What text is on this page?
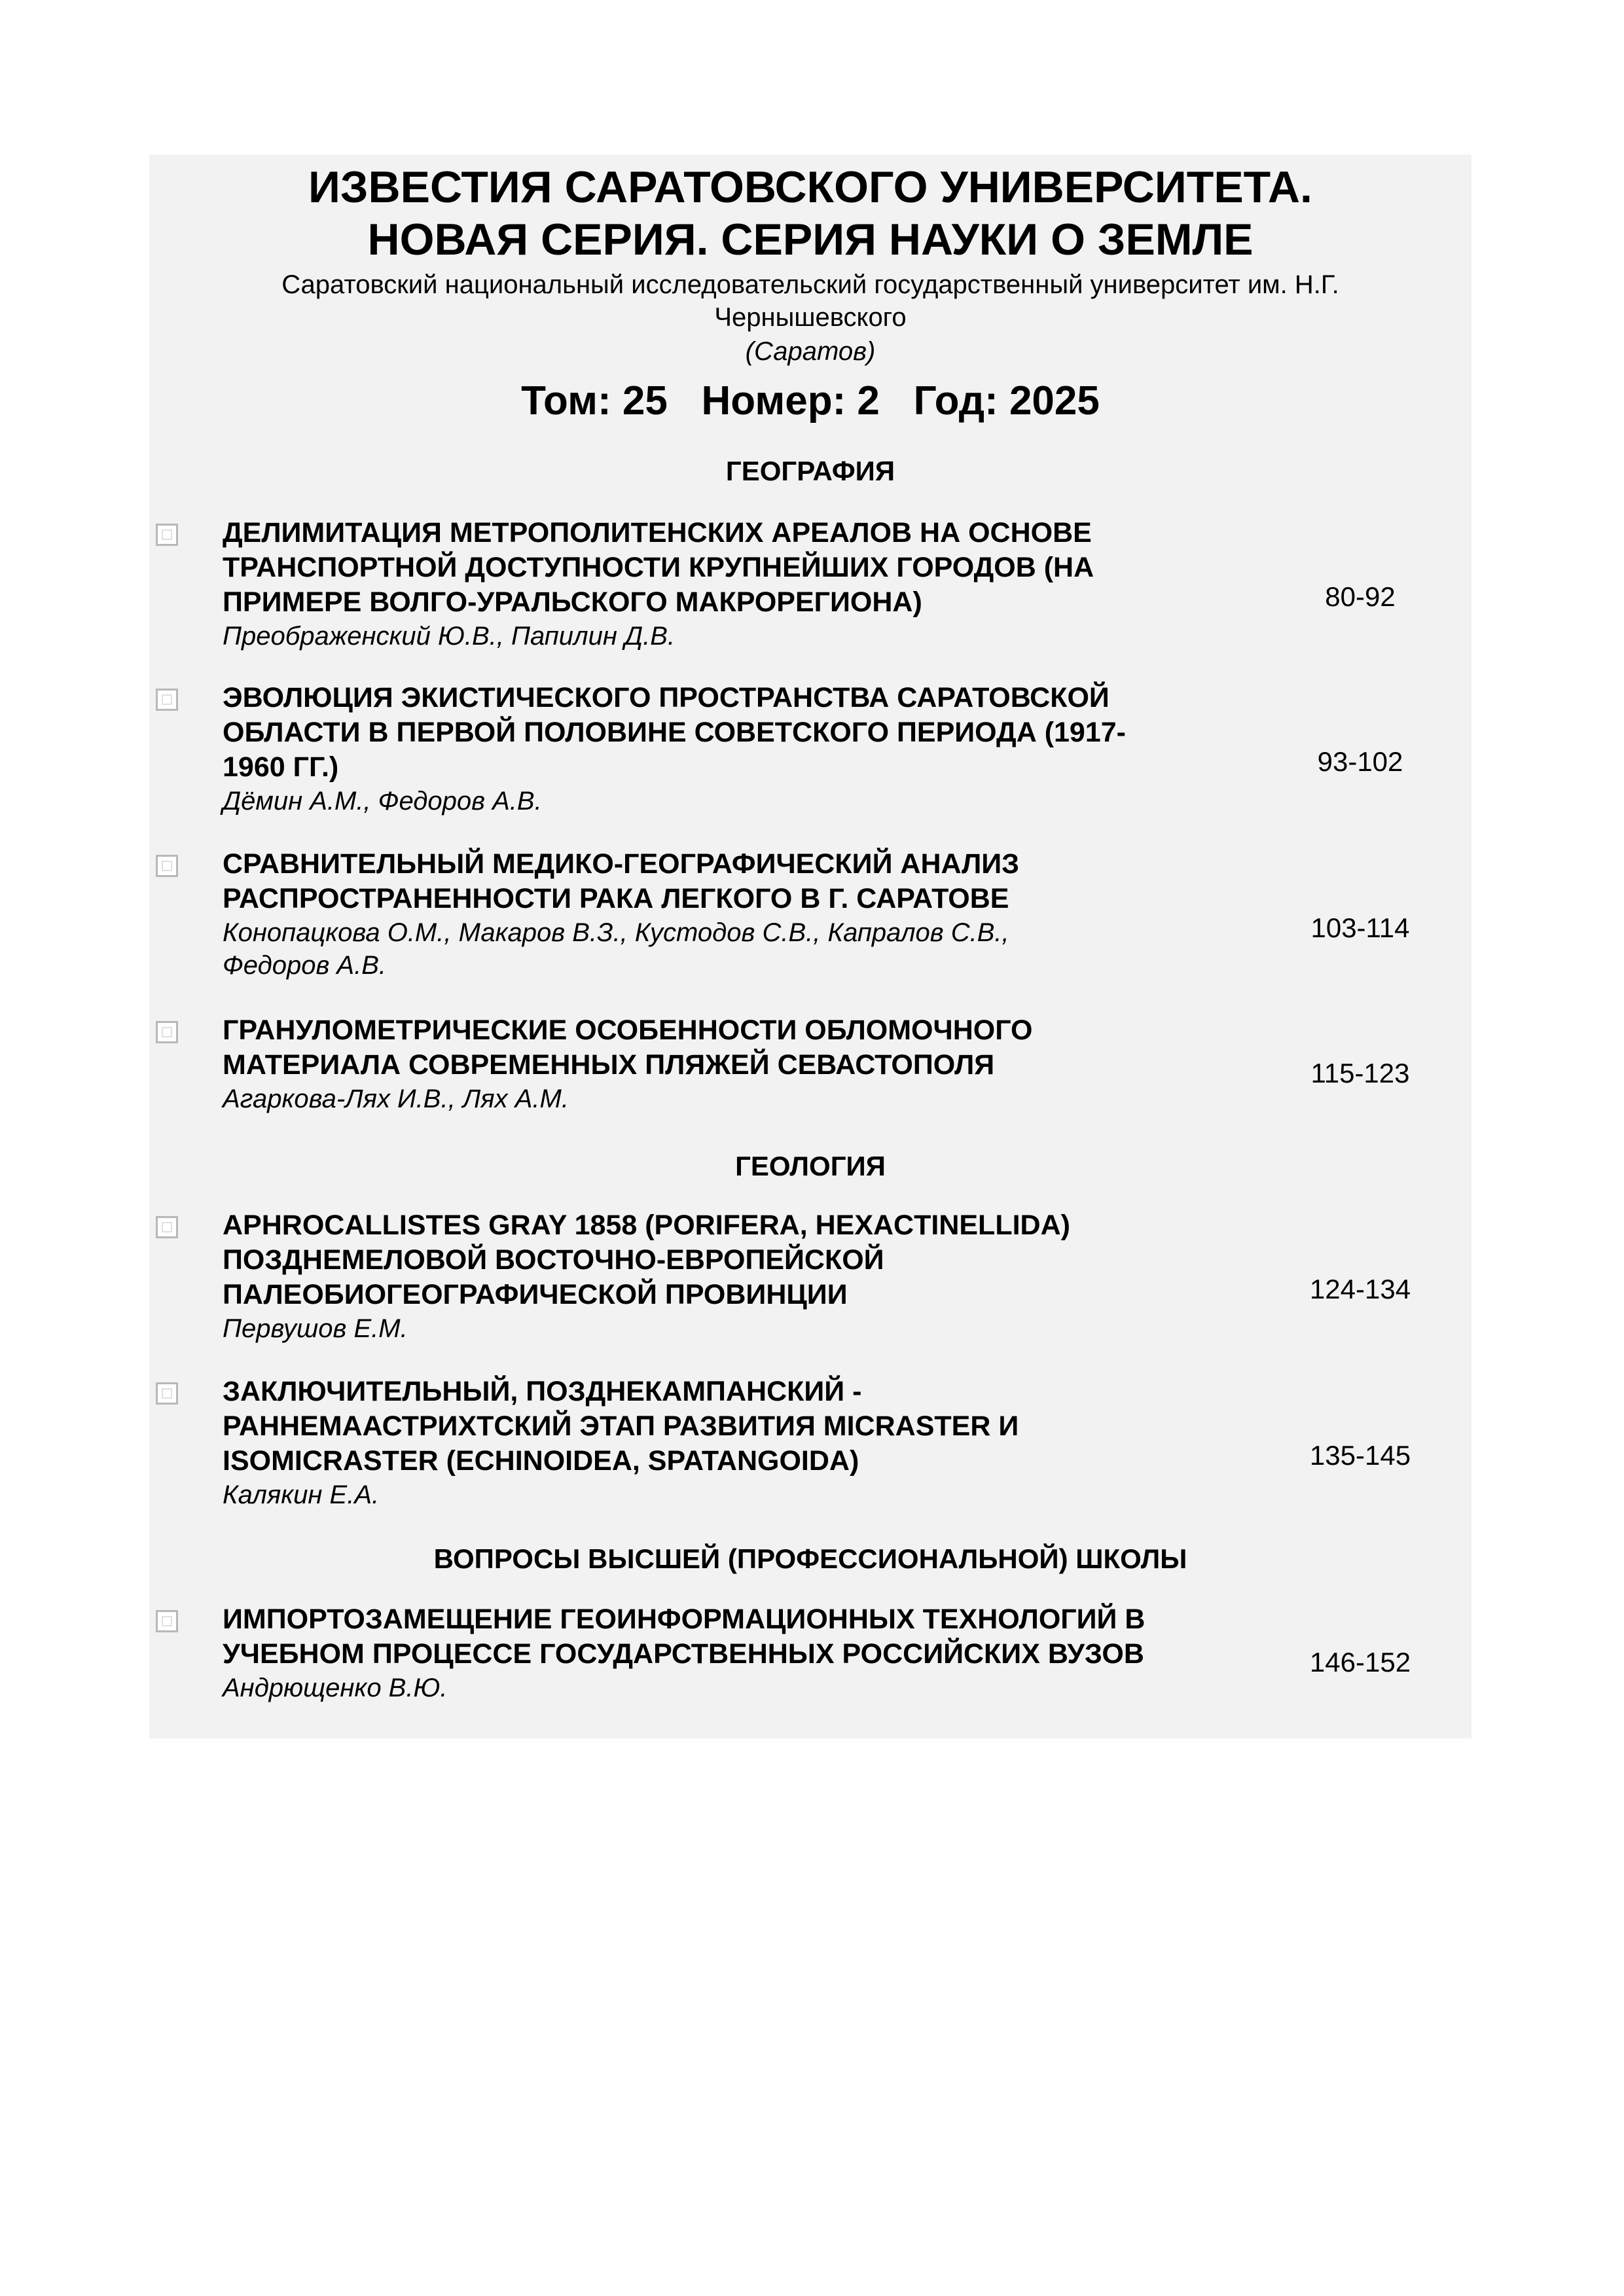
ИЗВЕСТИЯ САРАТОВСКОГО УНИВЕРСИТЕТА.
НОВАЯ СЕРИЯ. СЕРИЯ НАУКИ О ЗЕМЛЕ
Саратовский национальный исследовательский государственный университет им. Н.Г.
Чернышевского
(Саратов)
Том: 25 Номер: 2 Год: 2025
ГЕОГРАФИЯ
ДЕЛИМИТАЦИЯ МЕТРОПОЛИТЕНСКИХ АРЕАЛОВ НА ОСНОВЕ
ТРАНСПОРТНОЙ ДОСТУПНОСТИ КРУПНЕЙШИХ ГОРОДОВ (НА
ПРИМЕРЕ ВОЛГО-УРАЛЬСКОГО МАКРОРЕГИОНА)
Преображенский Ю.В., Папилин Д.В.
80-92
ЭВОЛЮЦИЯ ЭКИСТИЧЕСКОГО ПРОСТРАНСТВА САРАТОВСКОЙ
ОБЛАСТИ В ПЕРВОЙ ПОЛОВИНЕ СОВЕТСКОГО ПЕРИОДА (1917-
1960 ГГ.)
Дёмин А.М., Федоров А.В.
93-102
СРАВНИТЕЛЬНЫЙ МЕДИКО-ГЕОГРАФИЧЕСКИЙ АНАЛИЗ
РАСПРОСТРАНЕННОСТИ РАКА ЛЕГКОГО В Г. САРАТОВЕ
Конопацкова О.М., Макаров В.З., Кустодов С.В., Капралов С.В.,
Федоров А.В.
103-114
ГРАНУЛОМЕТРИЧЕСКИЕ ОСОБЕННОСТИ ОБЛОМОЧНОГО
МАТЕРИАЛА СОВРЕМЕННЫХ ПЛЯЖЕЙ СЕВАСТОПОЛЯ
Агаркова-Лях И.В., Лях А.М.
115-123
ГЕОЛОГИЯ
APHROCALLISTES GRAY 1858 (PORIFERA, HEXACTINELLIDA)
ПОЗДНЕМЕЛОВОЙ ВОСТОЧНО-ЕВРОПЕЙСКОЙ
ПАЛЕОБИОГЕОГРАФИЧЕСКОЙ ПРОВИНЦИИ
Первушов Е.М.
124-134
ЗАКЛЮЧИТЕЛЬНЫЙ, ПОЗДНЕКАМПАНСКИЙ -
РАННЕМААСТРИХТСКИЙ ЭТАП РАЗВИТИЯ MICRASTER И
ISOMICRASTER (ECHINOIDEA, SPATANGOIDA)
Калякин Е.А.
135-145
ВОПРОСЫ ВЫСШЕЙ (ПРОФЕССИОНАЛЬНОЙ) ШКОЛЫ
ИМПОРТОЗАМЕЩЕНИЕ ГЕОИНФОРМАЦИОННЫХ ТЕХНОЛОГИЙ В
УЧЕБНОМ ПРОЦЕССЕ ГОСУДАРСТВЕННЫХ РОССИЙСКИХ ВУЗОВ
Андрющенко В.Ю.
146-152
